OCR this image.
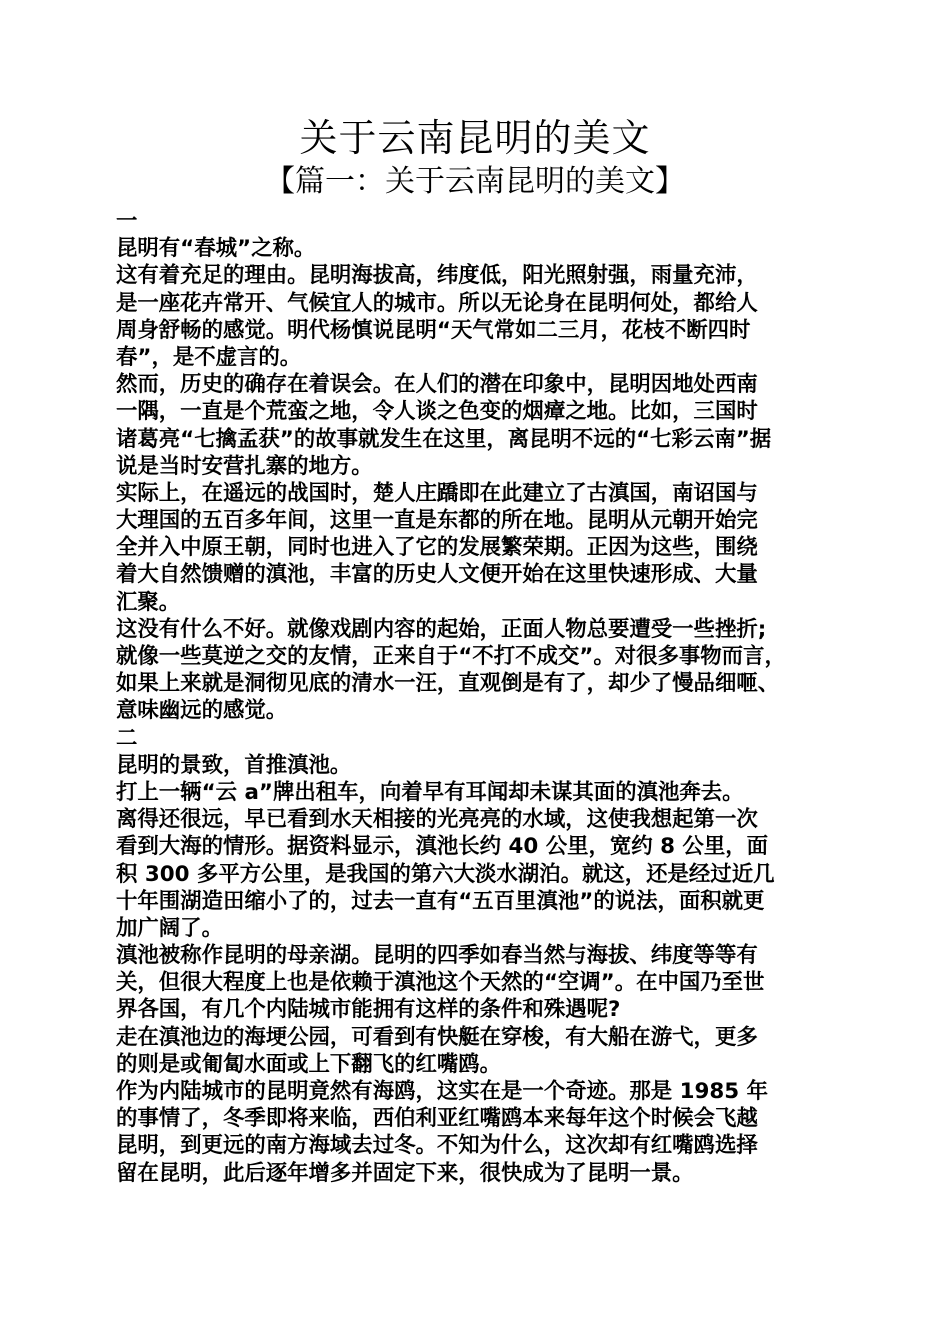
关于云南昆明的美文
【篇一：关于云南昆明的美文】
一
昆明有“春城”之称。
这有着充足的理由。昆明海拔高，纬度低，阳光照射强，雨量充沛，
是一座花卉常开、气候宜人的城市。所以无论身在昆明何处，都给人
周身舒畅的感觉。明代杨慎说昆明“天气常如二三月，花枝不断四时
春”，是不虚言的。
然而，历史的确存在着误会。在人们的潜在印象中，昆明因地处西南
一隅，一直是个荒蛮之地，令人谈之色变的烟瘴之地。比如，三国时
诸葛亮“七擒孟获”的故事就发生在这里，离昆明不远的“七彩云南”据
说是当时安营扎寨的地方。
实际上，在遥远的战国时，楚人庄蹻即在此建立了古滇国，南诏国与
大理国的五百多年间，这里一直是东都的所在地。昆明从元朝开始完
全并入中原王朝，同时也进入了它的发展繁荣期。正因为这些，围绕
着大自然馈赠的滇池，丰富的历史人文便开始在这里快速形成、大量
汇聚。
这没有什么不好。就像戏剧内容的起始，正面人物总要遭受一些挫折;
就像一些莫逆之交的友情，正来自于“不打不成交”。对很多事物而言，
如果上来就是洞彻见底的清水一汪，直观倒是有了，却少了慢品细咂、
意味幽远的感觉。
二
昆明的景致，首推滇池。
打上一辆“云 a”牌出租车，向着早有耳闻却未谋其面的滇池奔去。
离得还很远，早已看到水天相接的光亮亮的水域，这使我想起第一次
看到大海的情形。据资料显示，滇池长约 40 公里，宽约 8 公里，面
积 300 多平方公里，是我国的第六大淡水湖泊。就这，还是经过近几
十年围湖造田缩小了的，过去一直有“五百里滇池”的说法，面积就更
加广阔了。
滇池被称作昆明的母亲湖。昆明的四季如春当然与海拔、纬度等等有
关，但很大程度上也是依赖于滇池这个天然的“空调”。在中国乃至世
界各国，有几个内陆城市能拥有这样的条件和殊遇呢?
走在滇池边的海埂公园，可看到有快艇在穿梭，有大船在游弋，更多
的则是或匍匐水面或上下翻飞的红嘴鸥。
作为内陆城市的昆明竟然有海鸥，这实在是一个奇迹。那是 1985 年
的事情了，冬季即将来临，西伯利亚红嘴鸥本来每年这个时候会飞越
昆明，到更远的南方海域去过冬。不知为什么，这次却有红嘴鸥选择
留在昆明，此后逐年增多并固定下来，很快成为了昆明一景。
